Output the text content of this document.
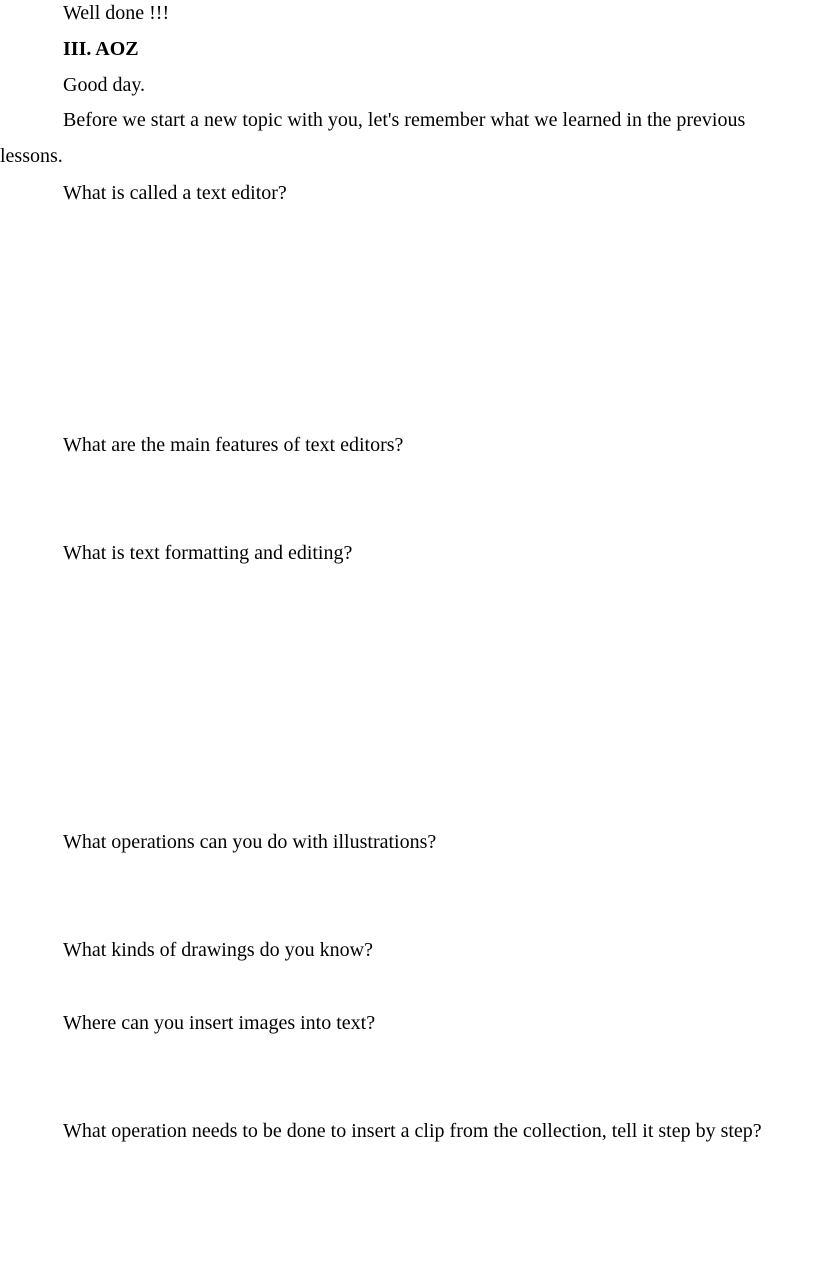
Well done !!!
III. AOZ
Good day.
Before we start a new topic with you, let's remember what we learned in the previous lessons.
What is called a text editor?
What are the main features of text editors?
What is text formatting and editing?
What operations can you do with illustrations?
What kinds of drawings do you know?
Where can you insert images into text?
What operation needs to be done to insert a clip from the collection, tell it step by step?
